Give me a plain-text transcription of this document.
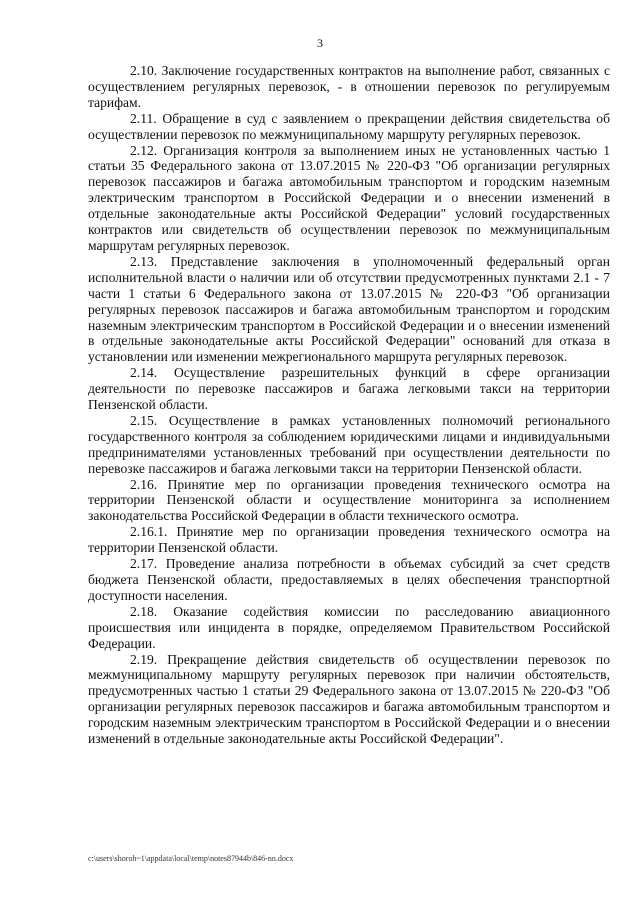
3

2.10. Заключение государственных контрактов на выполнение работ, связанных с осуществлением регулярных перевозок, - в отношении перевозок по регулируемым тарифам.

2.11. Обращение в суд с заявлением о прекращении действия свидетельства об осуществлении перевозок по межмуниципальному маршруту регулярных перевозок.

2.12. Организация контроля за выполнением иных не установленных частью 1 статьи 35 Федерального закона от 13.07.2015 № 220-ФЗ "Об организации регулярных перевозок пассажиров и багажа автомобильным транспортом и городским наземным электрическим транспортом в Российской Федерации и о внесении изменений в отдельные законодательные акты Российской Федерации" условий государственных контрактов или свидетельств об осуществлении перевозок по межмуниципальным маршрутам регулярных перевозок.

2.13. Представление заключения в уполномоченный федеральный орган исполнительной власти о наличии или об отсутствии предусмотренных пунктами 2.1 - 7 части 1 статьи 6 Федерального закона от 13.07.2015 № 220-ФЗ "Об организации регулярных перевозок пассажиров и багажа автомобильным транспортом и городским наземным электрическим транспортом в Российской Федерации и о внесении изменений в отдельные законодательные акты Российской Федерации" оснований для отказа в установлении или изменении межрегионального маршрута регулярных перевозок.

2.14. Осуществление разрешительных функций в сфере организации деятельности по перевозке пассажиров и багажа легковыми такси на территории Пензенской области.

2.15. Осуществление в рамках установленных полномочий регионального государственного контроля за соблюдением юридическими лицами и индивидуальными предпринимателями установленных требований при осуществлении деятельности по перевозке пассажиров и багажа легковыми такси на территории Пензенской области.

2.16. Принятие мер по организации проведения технического осмотра на территории Пензенской области и осуществление мониторинга за исполнением законодательства Российской Федерации в области технического осмотра.

2.16.1. Принятие мер по организации проведения технического осмотра на территории Пензенской области.

2.17. Проведение анализа потребности в объемах субсидий за счет средств бюджета Пензенской области, предоставляемых в целях обеспечения транспортной доступности населения.

2.18. Оказание содействия комиссии по расследованию авиационного происшествия или инцидента в порядке, определяемом Правительством Российской Федерации.

2.19. Прекращение действия свидетельств об осуществлении перевозок по межмуниципальному маршруту регулярных перевозок при наличии обстоятельств, предусмотренных частью 1 статьи 29 Федерального закона от 13.07.2015 № 220-ФЗ "Об организации регулярных перевозок пассажиров и багажа автомобильным транспортом и городским наземным электрическим транспортом в Российской Федерации и о внесении изменений в отдельные законодательные акты Российской Федерации".

c:\users\shoroh~1\appdata\local\temp\notes87944b\846-nn.docx
